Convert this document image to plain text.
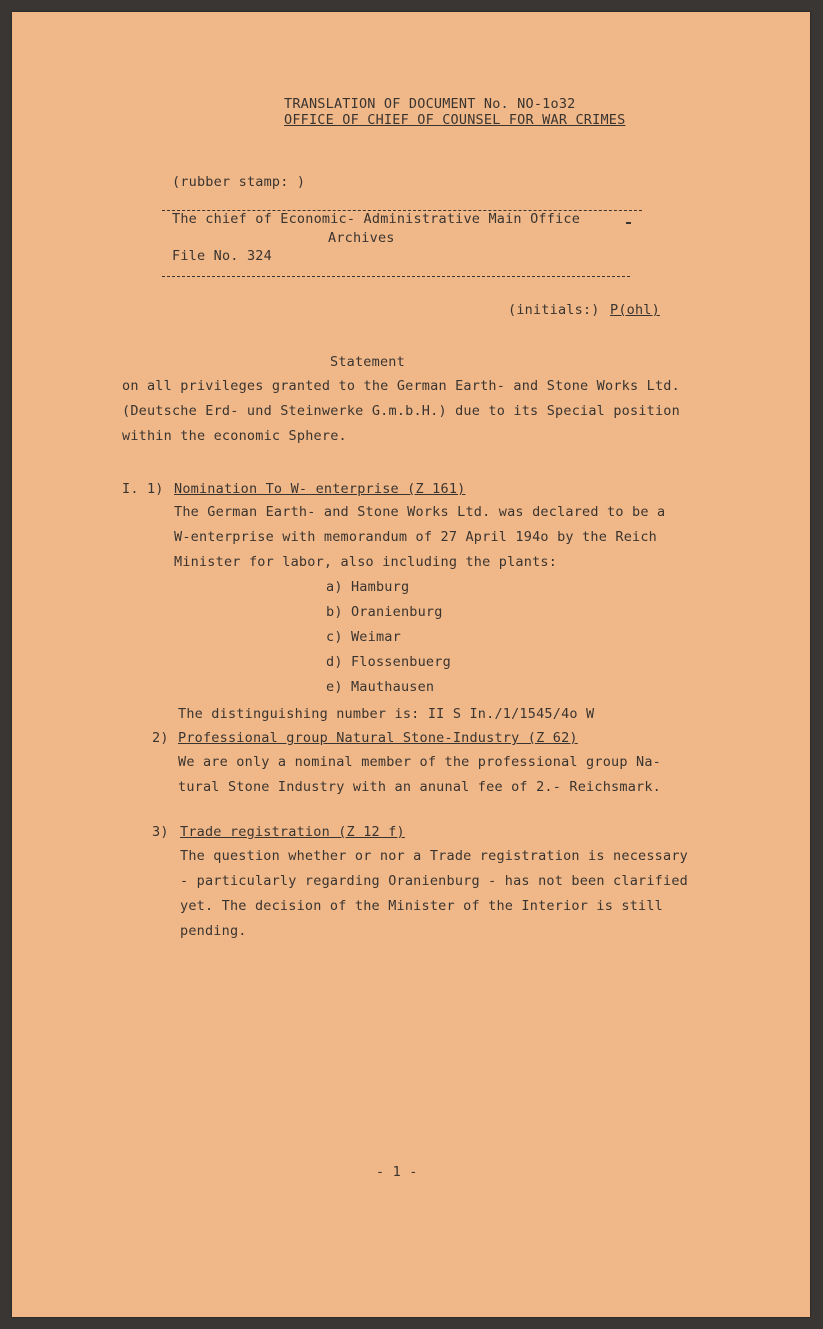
TRANSLATION OF DOCUMENT No. NO-1o32
OFFICE OF CHIEF OF COUNSEL FOR WAR CRIMES
(rubber stamp: )
The chief of Economic- Administrative Main Office
Archives
File No. 324
(initials:) P(ohl)
Statement
on all privileges granted to the German Earth- and Stone Works Ltd.
(Deutsche Erd- und Steinwerke G.m.b.H.) due to its Special position
within the economic Sphere.
I. 1) Nomination To W- enterprise (Z 161)
The German Earth- and Stone Works Ltd. was declared to be a
W-enterprise with memorandum of 27 April 194o by the Reich
Minister for labor, also including the plants:
a) Hamburg
b) Oranienburg
c) Weimar
d) Flossenbuerg
e) Mauthausen
The distinguishing number is: II S In./1/1545/4o W
2) Professional group Natural Stone-Industry (Z 62)
We are only a nominal member of the professional group Na-
tural Stone Industry with an anunal fee of 2.- Reichsmark.
3) Trade registration (Z 12 f)
The question whether or nor a Trade registration is necessary
- particularly regarding Oranienburg - has not been clarified
yet. The decision of the Minister of the Interior is still
pending.
- 1 -
